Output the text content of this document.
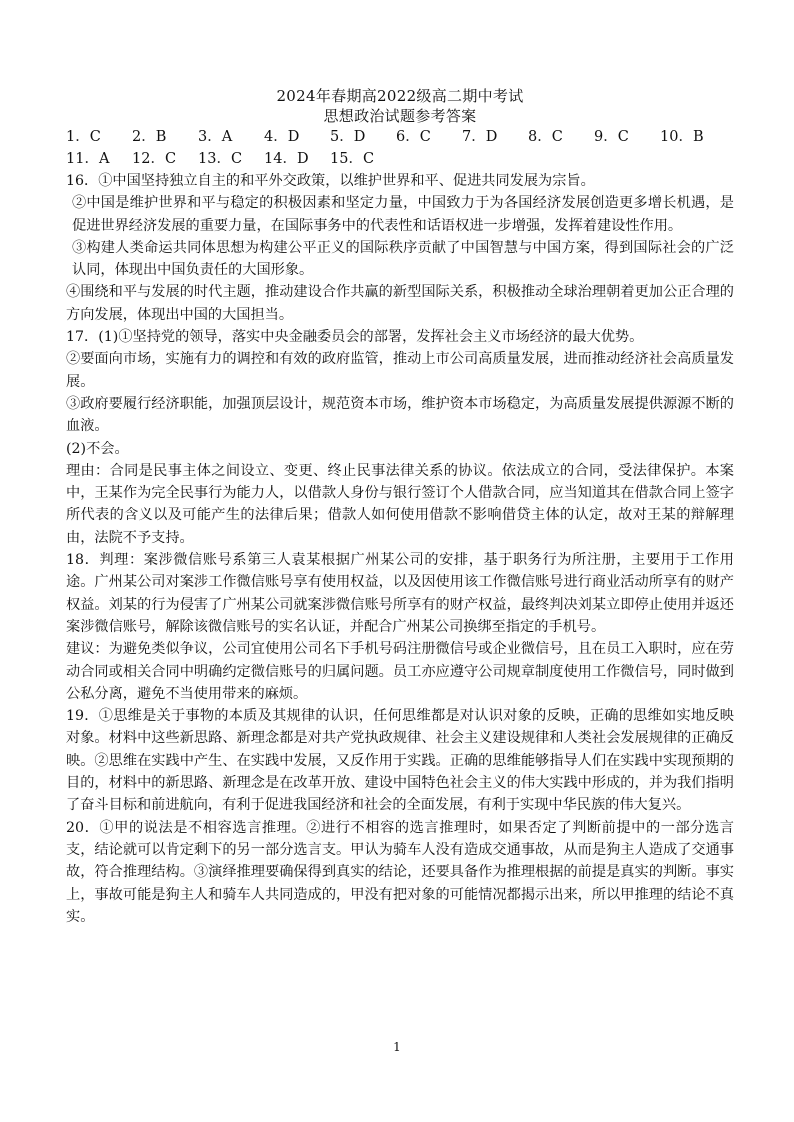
2024年春期高2022级高二期中考试
思想政治试题参考答案
1．C	2．B	3．A	4．D	5．D	6．C	7．D	8．C	9．C	10．B
11．A	12．C	13．C	14．D	15．C

16．①中国坚持独立自主的和平外交政策，以维护世界和平、促进共同发展为宗旨。

②中国是维护世界和平与稳定的积极因素和坚定力量，中国致力于为各国经济发展创造更多增长机遇，是促进世界经济发展的重要力量，在国际事务中的代表性和话语权进一步增强，发挥着建设性作用。

③构建人类命运共同体思想为构建公平正义的国际秩序贡献了中国智慧与中国方案，得到国际社会的广泛认同，体现出中国负责任的大国形象。

④围绕和平与发展的时代主题，推动建设合作共赢的新型国际关系，积极推动全球治理朝着更加公正合理的方向发展，体现出中国的大国担当。

17．(1)①坚持党的领导，落实中央金融委员会的部署，发挥社会主义市场经济的最大优势。

②要面向市场，实施有力的调控和有效的政府监管，推动上市公司高质量发展，进而推动经济社会高质量发展。

③政府要履行经济职能，加强顶层设计，规范资本市场，维护资本市场稳定，为高质量发展提供源源不断的血液。

(2)不会。

理由：合同是民事主体之间设立、变更、终止民事法律关系的协议。依法成立的合同，受法律保护。本案中，王某作为完全民事行为能力人，以借款人身份与银行签订个人借款合同，应当知道其在借款合同上签字所代表的含义以及可能产生的法律后果；借款人如何使用借款不影响借贷主体的认定，故对王某的辩解理由，法院不予支持。

18．判理：案涉微信账号系第三人袁某根据广州某公司的安排，基于职务行为所注册，主要用于工作用途。广州某公司对案涉工作微信账号享有使用权益，以及因使用该工作微信账号进行商业活动所享有的财产权益。刘某的行为侵害了广州某公司就案涉微信账号所享有的财产权益，最终判决刘某立即停止使用并返还案涉微信账号，解除该微信账号的实名认证，并配合广州某公司换绑至指定的手机号。

建议：为避免类似争议，公司宜使用公司名下手机号码注册微信号或企业微信号，且在员工入职时，应在劳动合同或相关合同中明确约定微信账号的归属问题。员工亦应遵守公司规章制度使用工作微信号，同时做到公私分离，避免不当使用带来的麻烦。

19．①思维是关于事物的本质及其规律的认识，任何思维都是对认识对象的反映，正确的思维如实地反映对象。材料中这些新思路、新理念都是对共产党执政规律、社会主义建设规律和人类社会发展规律的正确反映。②思维在实践中产生、在实践中发展，又反作用于实践。正确的思维能够指导人们在实践中实现预期的目的，材料中的新思路、新理念是在改革开放、建设中国特色社会主义的伟大实践中形成的，并为我们指明了奋斗目标和前进航向，有利于促进我国经济和社会的全面发展，有利于实现中华民族的伟大复兴。

20．①甲的说法是不相容选言推理。②进行不相容的选言推理时，如果否定了判断前提中的一部分选言支，结论就可以肯定剩下的另一部分选言支。甲认为骑车人没有造成交通事故，从而是狗主人造成了交通事故，符合推理结构。③演绎推理要确保得到真实的结论，还要具备作为推理根据的前提是真实的判断。事实上，事故可能是狗主人和骑车人共同造成的，甲没有把对象的可能情况都揭示出来，所以甲推理的结论不真实。

1
